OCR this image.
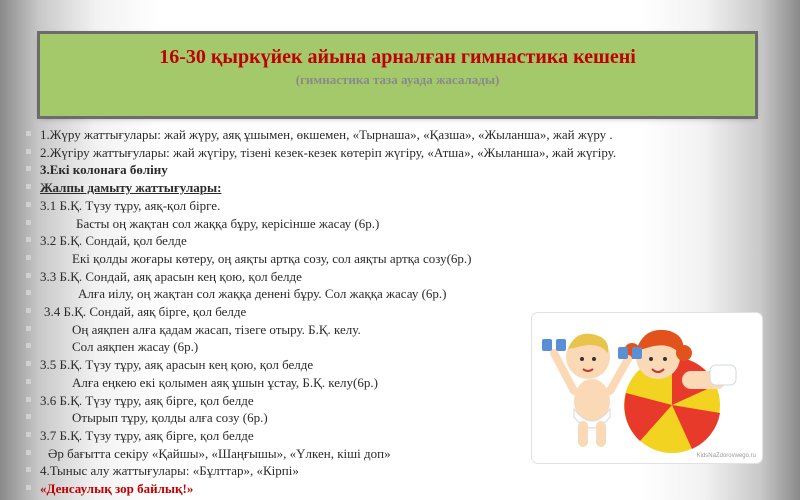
16-30 қыркүйек айына арналған гимнастика кешені
(гимнастика таза ауада жасалады)
1.Жүру жаттығулары: жай жүру, аяқ ұшымен, өкшемен, «Тырнаша», «Қазша», «Жыланша», жай жүру .
2.Жүгіру жаттығулары: жай жүгіру, тізені кезек-кезек көтеріп жүгіру, «Атша», «Жыланша», жай жүгіру.
3.Екі колонаға бөліну
Жалпы дамыту жаттығулары:
3.1 Б.Қ. Түзу тұру, аяқ-қол бірге.
Басты оң жақтан сол жаққа бұру, керісінше жасау (6р.)
3.2 Б.Қ. Сондай, қол белде
Екі қолды жоғары көтеру, оң аяқты артқа созу, сол аяқты артқа созу(6р.)
3.3 Б.Қ. Сондай, аяқ арасын кең қою, қол белде
Алға иілу, оң жақтан сол жаққа денені бұру. Сол жаққа жасау (6р.)
3.4 Б.Қ. Сондай, аяқ бірге, қол белде
Оң аяқпен алға қадам жасап, тізеге отыру. Б.Қ. келу.
Сол аяқпен жасау (6р.)
3.5 Б.Қ. Түзу тұру, аяқ арасын кең қою, қол белде
Алға еңкею екі қолымен аяқ ұшын ұстау, Б.Қ. келу(6р.)
3.6 Б.Қ. Түзу тұру, аяқ бірге, қол белде
Отырып тұру, қолды алға созу (6р.)
3.7 Б.Қ. Түзу тұру, аяқ бірге, қол белде
Әр бағытта секіру «Қайшы», «Шаңғышы», «Үлкен, кіші доп»
4.Тыныс алу жаттығулары: «Бұлттар», «Кірпі»
«Денсаулық зор байлық!»
KidsNaZdorovwego.ru
